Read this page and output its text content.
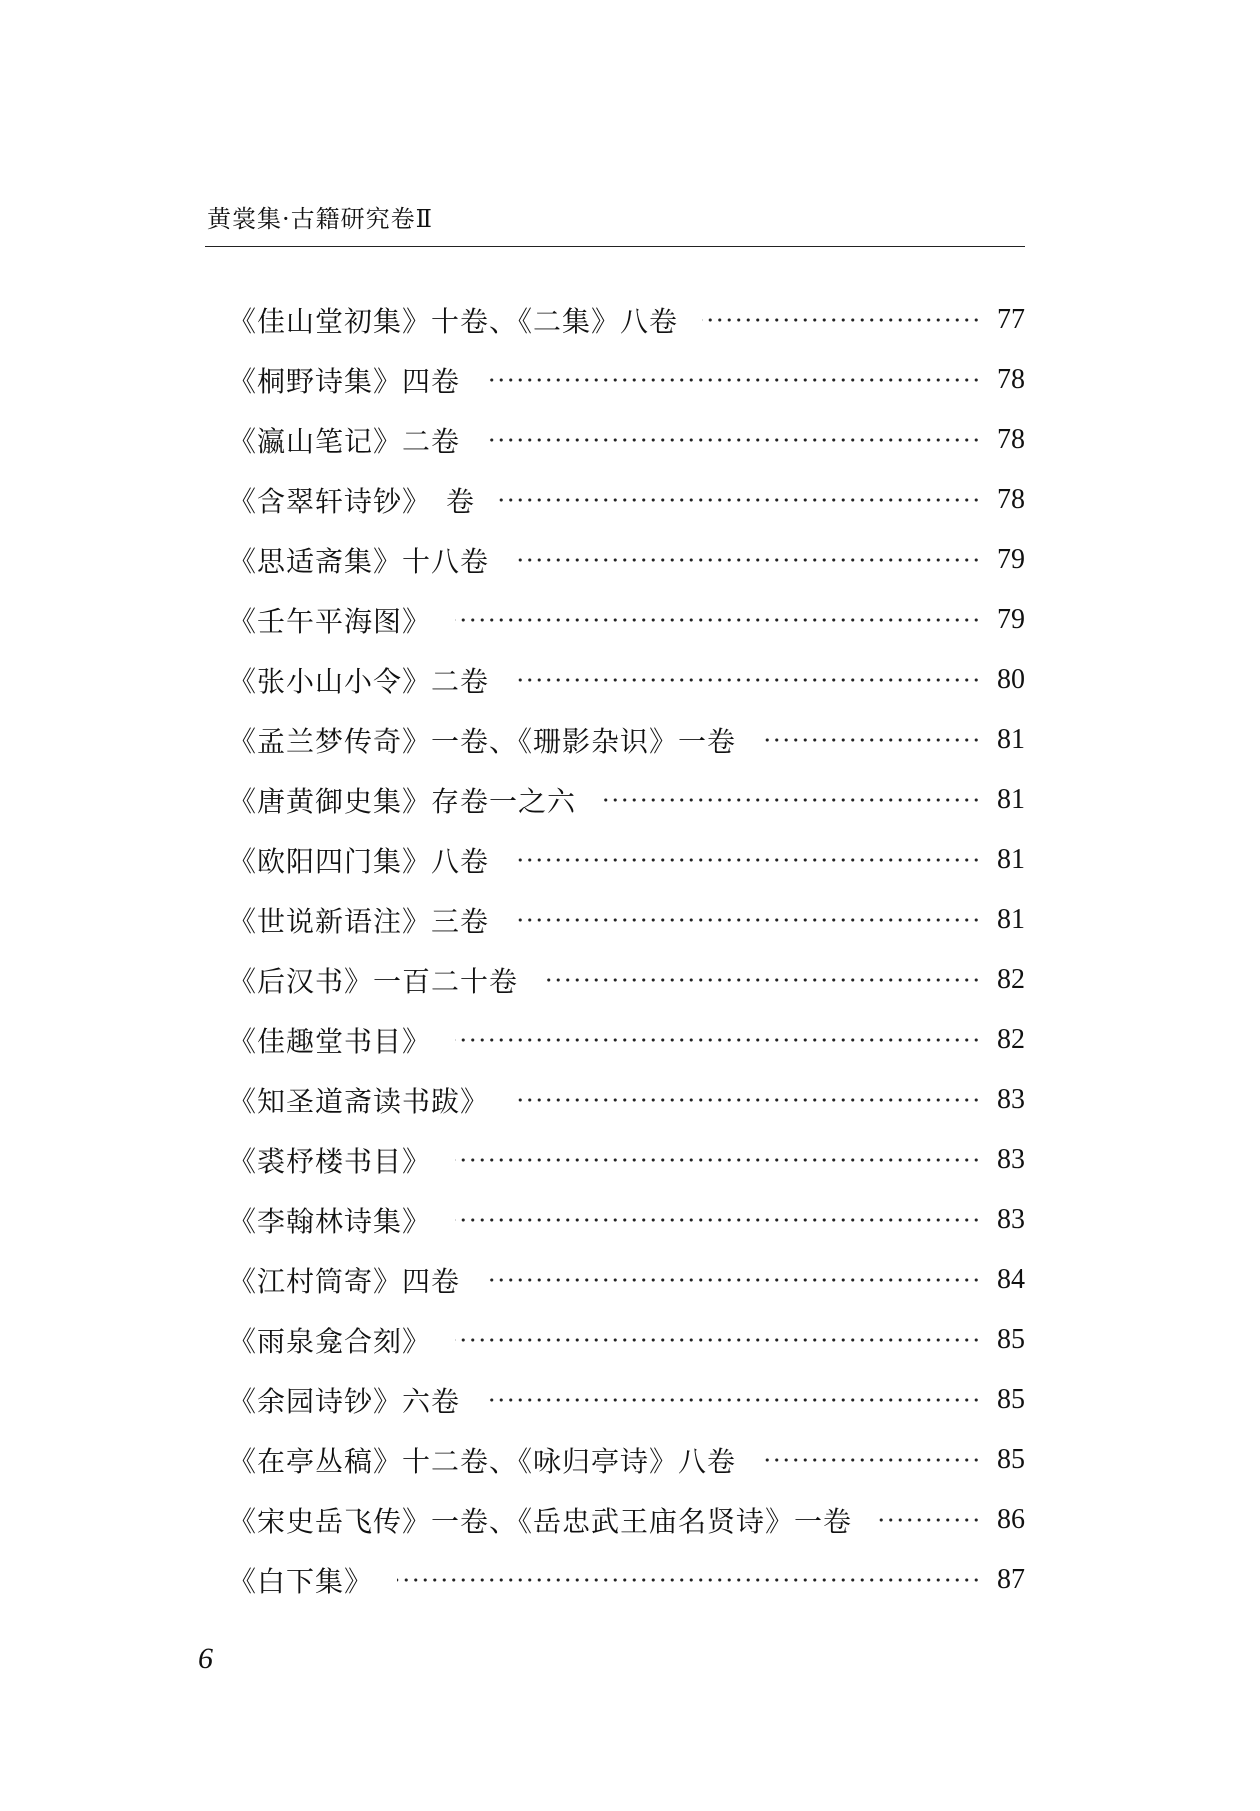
黄裳集·古籍研究卷Ⅱ
《佳山堂初集》十卷、《二集》八卷	77
《桐野诗集》四卷	78
《瀛山笔记》二卷	78
《含翠轩诗钞》　卷	78
《思适斋集》十八卷	79
《壬午平海图》	79
《张小山小令》二卷	80
《孟兰梦传奇》一卷、《珊影杂识》一卷	81
《唐黄御史集》存卷一之六	81
《欧阳四门集》八卷	81
《世说新语注》三卷	81
《后汉书》一百二十卷	82
《佳趣堂书目》	82
《知圣道斋读书跋》	83
《裘杼楼书目》	83
《李翰林诗集》	83
《江村筒寄》四卷	84
《雨泉龛合刻》	85
《余园诗钞》六卷	85
《在亭丛稿》十二卷、《咏归亭诗》八卷	85
《宋史岳飞传》一卷、《岳忠武王庙名贤诗》一卷	86
《白下集》	87
6
